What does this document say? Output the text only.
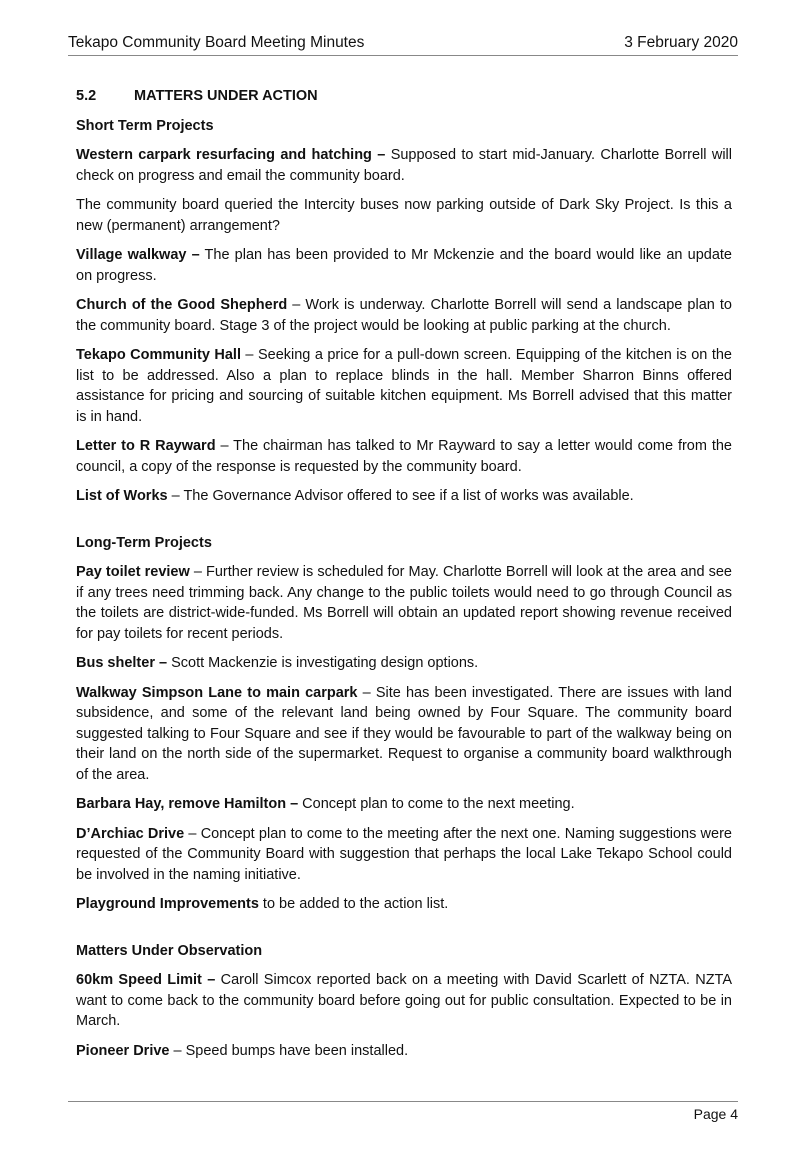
Tekapo Community Board Meeting Minutes	3 February 2020
5.2	MATTERS UNDER ACTION
Short Term Projects

Western carpark resurfacing and hatching – Supposed to start mid-January. Charlotte Borrell will check on progress and email the community board.

The community board queried the Intercity buses now parking outside of Dark Sky Project. Is this a new (permanent) arrangement?

Village walkway – The plan has been provided to Mr Mckenzie and the board would like an update on progress.

Church of the Good Shepherd – Work is underway. Charlotte Borrell will send a landscape plan to the community board. Stage 3 of the project would be looking at public parking at the church.

Tekapo Community Hall – Seeking a price for a pull-down screen. Equipping of the kitchen is on the list to be addressed. Also a plan to replace blinds in the hall. Member Sharron Binns offered assistance for pricing and sourcing of suitable kitchen equipment. Ms Borrell advised that this matter is in hand.

Letter to R Rayward – The chairman has talked to Mr Rayward to say a letter would come from the council, a copy of the response is requested by the community board.

List of Works – The Governance Advisor offered to see if a list of works was available.

Long-Term Projects

Pay toilet review – Further review is scheduled for May. Charlotte Borrell will look at the area and see if any trees need trimming back. Any change to the public toilets would need to go through Council as the toilets are district-wide-funded. Ms Borrell will obtain an updated report showing revenue received for pay toilets for recent periods.

Bus shelter – Scott Mackenzie is investigating design options.

Walkway Simpson Lane to main carpark – Site has been investigated. There are issues with land subsidence, and some of the relevant land being owned by Four Square. The community board suggested talking to Four Square and see if they would be favourable to part of the walkway being on their land on the north side of the supermarket. Request to organise a community board walkthrough of the area.

Barbara Hay, remove Hamilton – Concept plan to come to the next meeting.

D’Archiac Drive – Concept plan to come to the meeting after the next one. Naming suggestions were requested of the Community Board with suggestion that perhaps the local Lake Tekapo School could be involved in the naming initiative.

Playground Improvements to be added to the action list.

Matters Under Observation

60km Speed Limit – Caroll Simcox reported back on a meeting with David Scarlett of NZTA. NZTA want to come back to the community board before going out for public consultation. Expected to be in March.

Pioneer Drive – Speed bumps have been installed.

Page 4
